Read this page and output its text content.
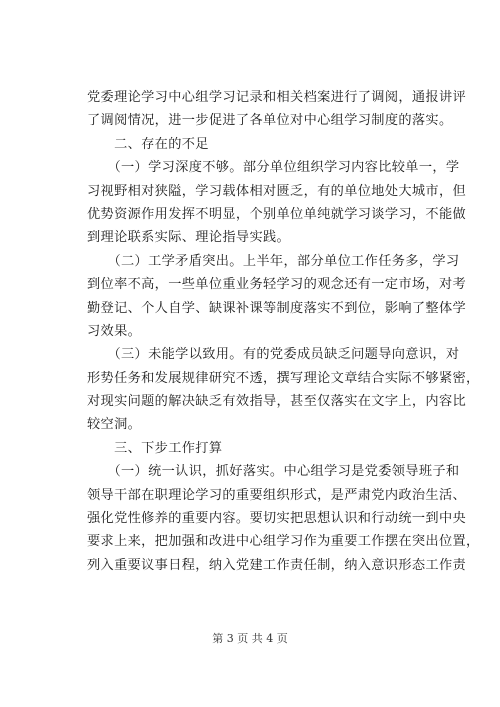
党委理论学习中心组学习记录和相关档案进行了调阅，通报讲评
了调阅情况，进一步促进了各单位对中心组学习制度的落实。
　　二、存在的不足
　　（一）学习深度不够。部分单位组织学习内容比较单一，学
习视野相对狭隘，学习载体相对匮乏，有的单位地处大城市，但
优势资源作用发挥不明显，个别单位单纯就学习谈学习，不能做
到理论联系实际、理论指导实践。
　　（二）工学矛盾突出。上半年，部分单位工作任务多，学习
到位率不高，一些单位重业务轻学习的观念还有一定市场，对考
勤登记、个人自学、缺课补课等制度落实不到位，影响了整体学
习效果。
　　（三）未能学以致用。有的党委成员缺乏问题导向意识，对
形势任务和发展规律研究不透，撰写理论文章结合实际不够紧密，
对现实问题的解决缺乏有效指导，甚至仅落实在文字上，内容比
较空洞。
　　三、下步工作打算
　　（一）统一认识，抓好落实。中心组学习是党委领导班子和
领导干部在职理论学习的重要组织形式，是严肃党内政治生活、
强化党性修养的重要内容。要切实把思想认识和行动统一到中央
要求上来，把加强和改进中心组学习作为重要工作摆在突出位置，
列入重要议事日程，纳入党建工作责任制，纳入意识形态工作责
第 3 页 共 4 页
